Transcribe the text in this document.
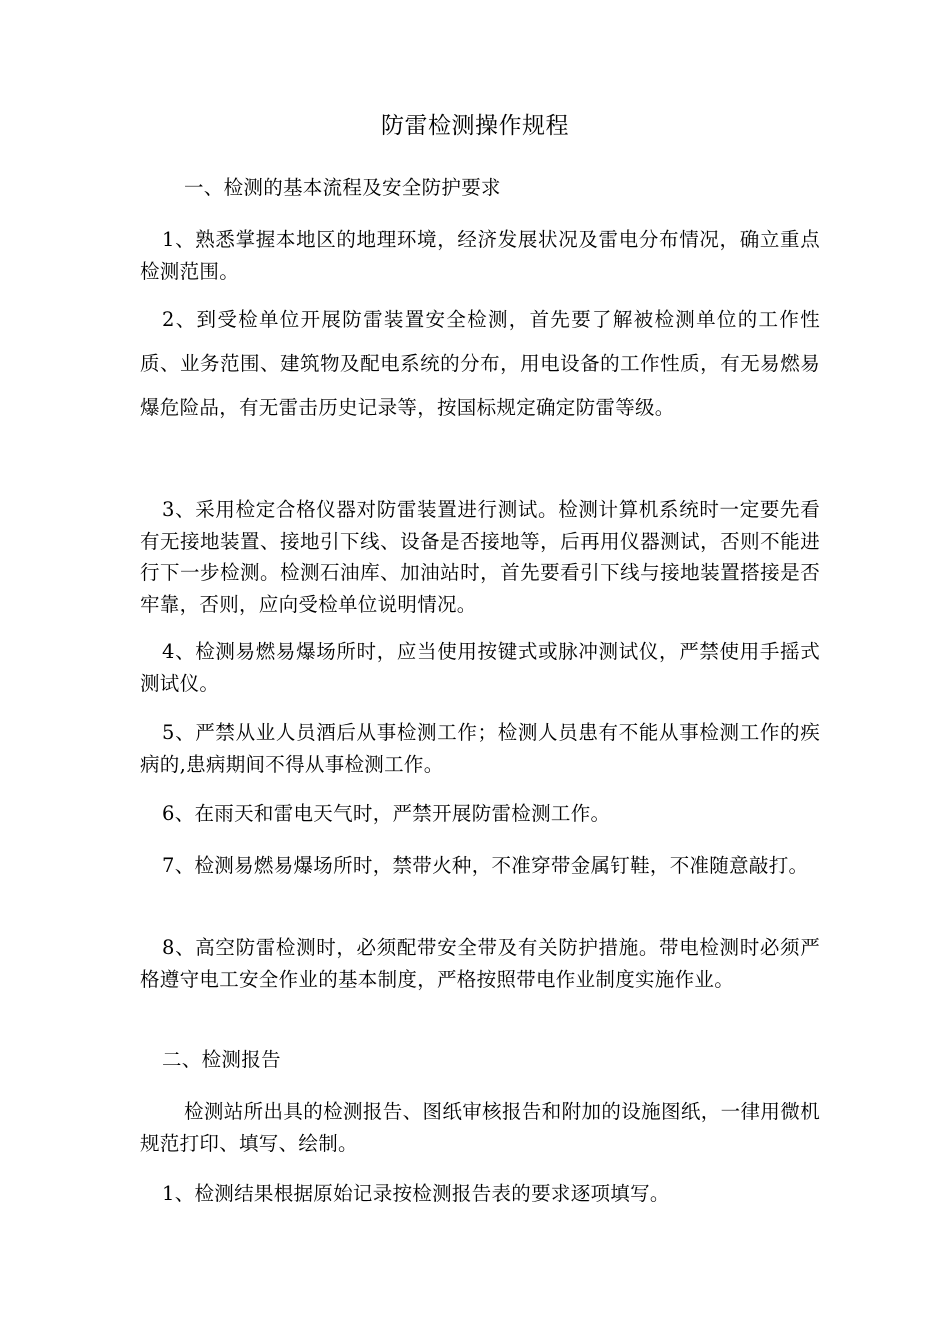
防雷检测操作规程

一、检测的基本流程及安全防护要求

1、熟悉掌握本地区的地理环境，经济发展状况及雷电分布情况，确立重点检测范围。

2、到受检单位开展防雷装置安全检测，首先要了解被检测单位的工作性质、业务范围、建筑物及配电系统的分布，用电设备的工作性质，有无易燃易爆危险品，有无雷击历史记录等，按国标规定确定防雷等级。

3、采用检定合格仪器对防雷装置进行测试。检测计算机系统时一定要先看有无接地装置、接地引下线、设备是否接地等，后再用仪器测试，否则不能进行下一步检测。检测石油库、加油站时，首先要看引下线与接地装置搭接是否牢靠，否则，应向受检单位说明情况。

4、检测易燃易爆场所时，应当使用按键式或脉冲测试仪，严禁使用手摇式测试仪。

5、严禁从业人员酒后从事检测工作；检测人员患有不能从事检测工作的疾病的,患病期间不得从事检测工作。

6、在雨天和雷电天气时，严禁开展防雷检测工作。

7、检测易燃易爆场所时，禁带火种，不准穿带金属钉鞋，不准随意敲打。

8、高空防雷检测时，必须配带安全带及有关防护措施。带电检测时必须严格遵守电工安全作业的基本制度，严格按照带电作业制度实施作业。

二、检测报告

检测站所出具的检测报告、图纸审核报告和附加的设施图纸，一律用微机规范打印、填写、绘制。

1、检测结果根据原始记录按检测报告表的要求逐项填写。
